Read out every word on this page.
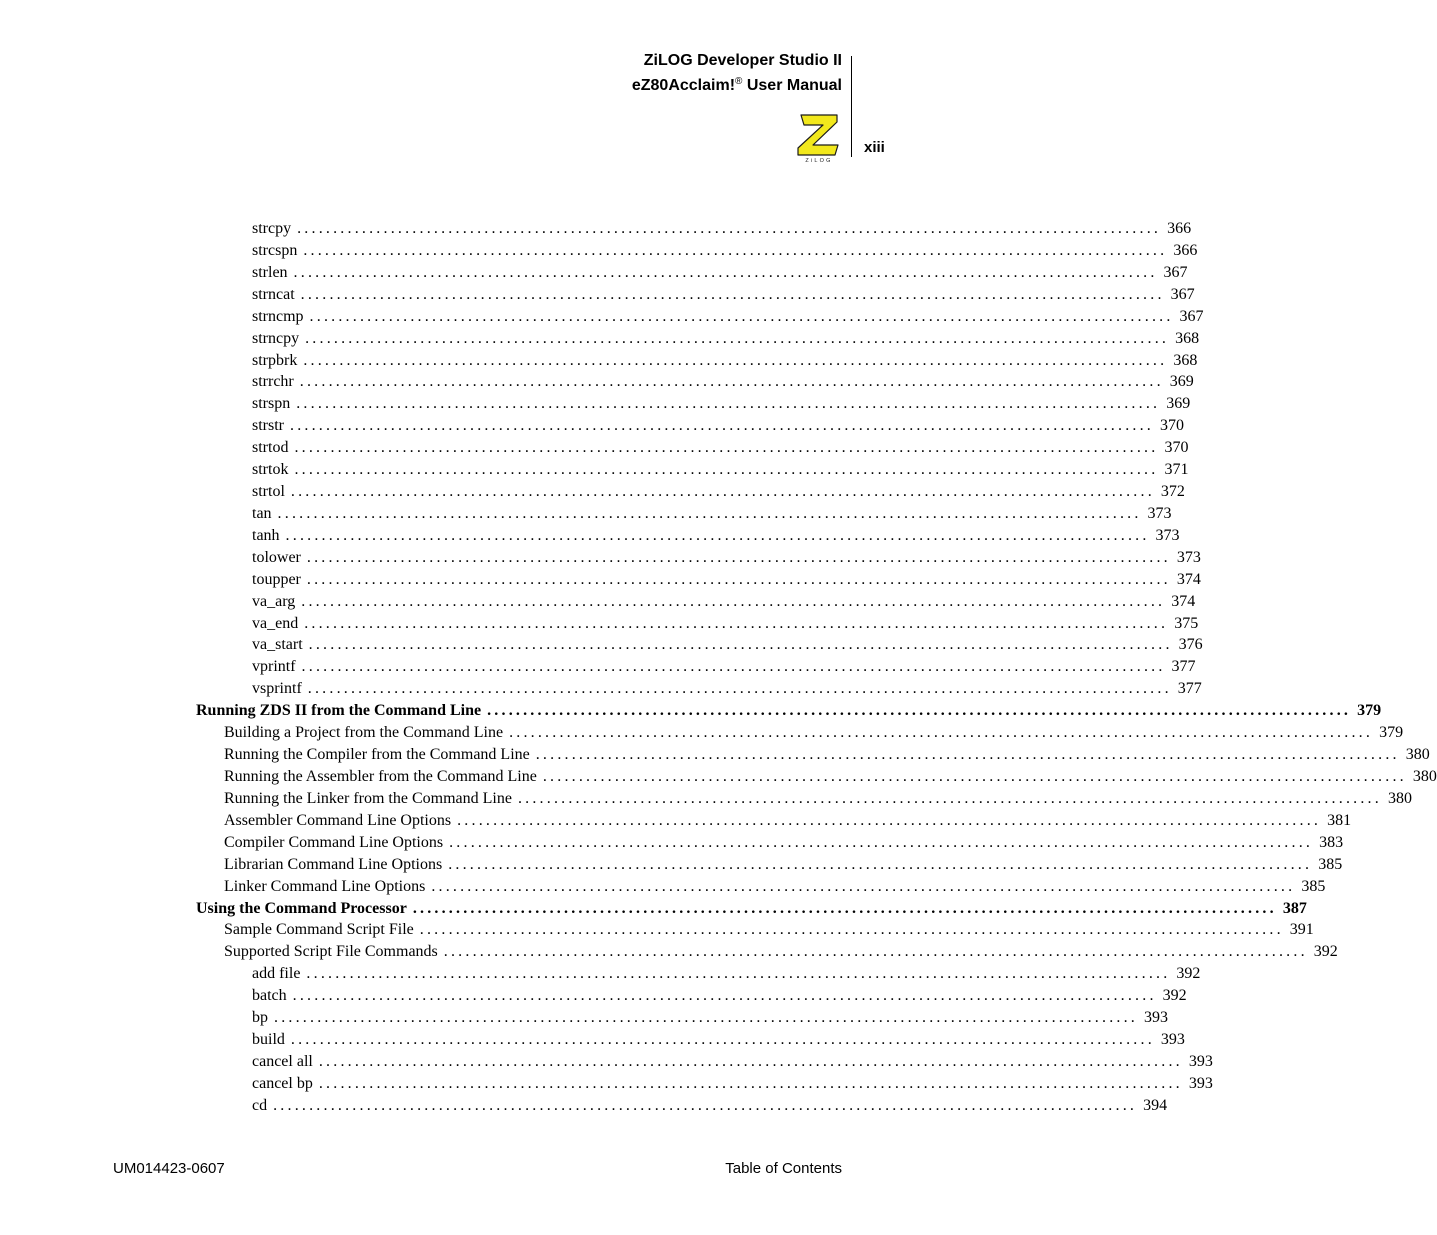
ZiLOG Developer Studio II
eZ80Acclaim!® User Manual
ZiLOG
xiii
strcpy ........................................................................................................................ 366
strcspn ........................................................................................................................ 366
strlen ........................................................................................................................ 367
strncat ........................................................................................................................ 367
strncmp ........................................................................................................................ 367
strncpy ........................................................................................................................ 368
strpbrk ........................................................................................................................ 368
strrchr ........................................................................................................................ 369
strspn ........................................................................................................................ 369
strstr ........................................................................................................................ 370
strtod ........................................................................................................................ 370
strtok ........................................................................................................................ 371
strtol ........................................................................................................................ 372
tan ........................................................................................................................ 373
tanh ........................................................................................................................ 373
tolower ........................................................................................................................ 373
toupper ........................................................................................................................ 374
va_arg ........................................................................................................................ 374
va_end ........................................................................................................................ 375
va_start ........................................................................................................................ 376
vprintf ........................................................................................................................ 377
vsprintf ........................................................................................................................ 377
Running ZDS II from the Command Line ........................................................................................................................ 379
Building a Project from the Command Line ........................................................................................................................ 379
Running the Compiler from the Command Line ........................................................................................................................ 380
Running the Assembler from the Command Line ........................................................................................................................ 380
Running the Linker from the Command Line ........................................................................................................................ 380
Assembler Command Line Options ........................................................................................................................ 381
Compiler Command Line Options ........................................................................................................................ 383
Librarian Command Line Options ........................................................................................................................ 385
Linker Command Line Options ........................................................................................................................ 385
Using the Command Processor ........................................................................................................................ 387
Sample Command Script File ........................................................................................................................ 391
Supported Script File Commands ........................................................................................................................ 392
add file ........................................................................................................................ 392
batch ........................................................................................................................ 392
bp ........................................................................................................................ 393
build ........................................................................................................................ 393
cancel all ........................................................................................................................ 393
cancel bp ........................................................................................................................ 393
cd ........................................................................................................................ 394
UM014423-0607	Table of Contents
